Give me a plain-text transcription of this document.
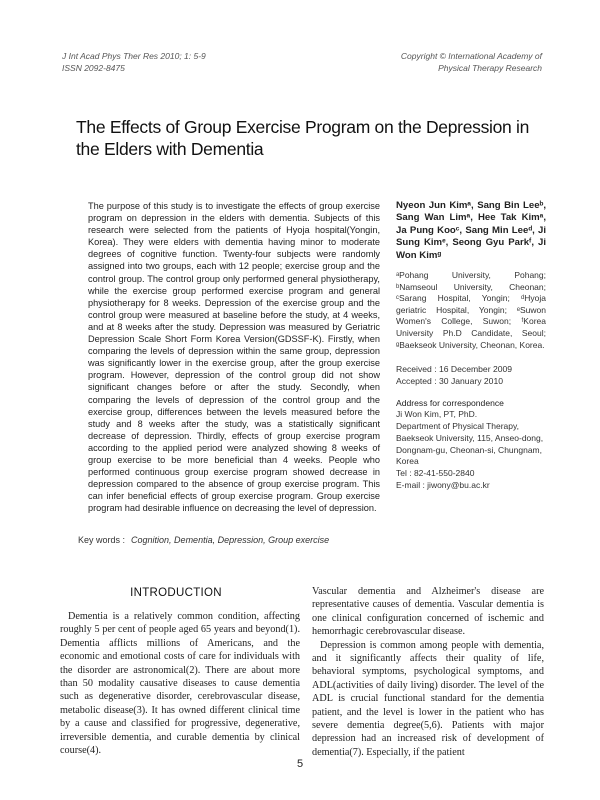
J Int Acad Phys Ther Res 2010; 1: 5-9
ISSN 2092-8475
Copyright © International Academy of
Physical Therapy Research
The Effects of Group Exercise Program on the Depression in the Elders with Dementia
The purpose of this study is to investigate the effects of group exercise program on depression in the elders with dementia. Subjects of this research were selected from the patients of Hyoja hospital(Yongin, Korea). They were elders with dementia having minor to moderate degrees of cognitive function. Twenty-four subjects were randomly assigned into two groups, each with 12 people; exercise group and the control group. The control group only performed general physiotherapy, while the exercise group performed exercise program and general physiotherapy for 8 weeks. Depression of the exercise group and the control group were measured at baseline before the study, at 4 weeks, and at 8 weeks after the study. Depression was measured by Geriatric Depression Scale Short Form Korea Version(GDSSF-K). Firstly, when comparing the levels of depression within the same group, depression was significantly lower in the exercise group, after the group exercise program. However, depression of the control group did not show significant changes before or after the study. Secondly, when comparing the levels of depression of the control group and the exercise group, differences between the levels measured before the study and 8 weeks after the study, was a statistically significant decrease of depression. Thirdly, effects of group exercise program according to the applied period were analyzed showing 8 weeks of group exercise to be more beneficial than 4 weeks. People who performed continuous group exercise program showed decrease in depression compared to the absence of group exercise program. This can infer beneficial effects of group exercise program. Group exercise program had desirable influence on decreasing the level of depression.
Nyeon Jun Kimᵃ, Sang Bin Leeᵇ, Sang Wan Limᵃ, Hee Tak Kimᵃ, Ja Pung Kooᶜ, Sang Min Leeᵈ, Ji Sung Kimᵉ, Seong Gyu Parkᶠ, Ji Won Kimᵍ
ᵃPohang University, Pohang; ᵇNamseoul University, Cheonan; ᶜSarang Hospital, Yongin; ᵈHyoja geriatric Hospital, Yongin; ᵉSuwon Women's College, Suwon; ᶠKorea University Ph.D Candidate, Seoul; ᵍBaekseok University, Cheonan, Korea.
Received : 16 December 2009
Accepted : 30 January 2010
Address for correspondence
Ji Won Kim, PT, PhD.
Department of Physical Therapy, Baekseok University, 115, Anseo-dong, Dongnam-gu, Cheonan-si, Chungnam, Korea
Tel : 82-41-550-2840
E-mail : jiwony@bu.ac.kr
Key words : Cognition, Dementia, Depression, Group exercise
INTRODUCTION

Dementia is a relatively common condition, affecting roughly 5 per cent of people aged 65 years and beyond(1). Dementia afflicts millions of Americans, and the economic and emotional costs of care for individuals with the disorder are astronomical(2). There are about more than 50 modality causative diseases to cause dementia such as degenerative disorder, cerebrovascular disease, metabolic disease(3). It has owned different clinical time by a cause and classified for progressive, degenerative, irreversible dementia, and curable dementia by clinical course(4).

Vascular dementia and Alzheimer's disease are representative causes of dementia. Vascular dementia is one clinical configuration concerned of ischemic and hemorrhagic cerebrovascular disease.

Depression is common among people with dementia, and it significantly affects their quality of life, behavioral symptoms, psychological symptoms, and ADL(activities of daily living) disorder. The level of the ADL is crucial functional standard for the dementia patient, and the level is lower in the patient who has severe dementia degree(5,6). Patients with major depression had an increased risk of development of dementia(7). Especially, if the patient

5
